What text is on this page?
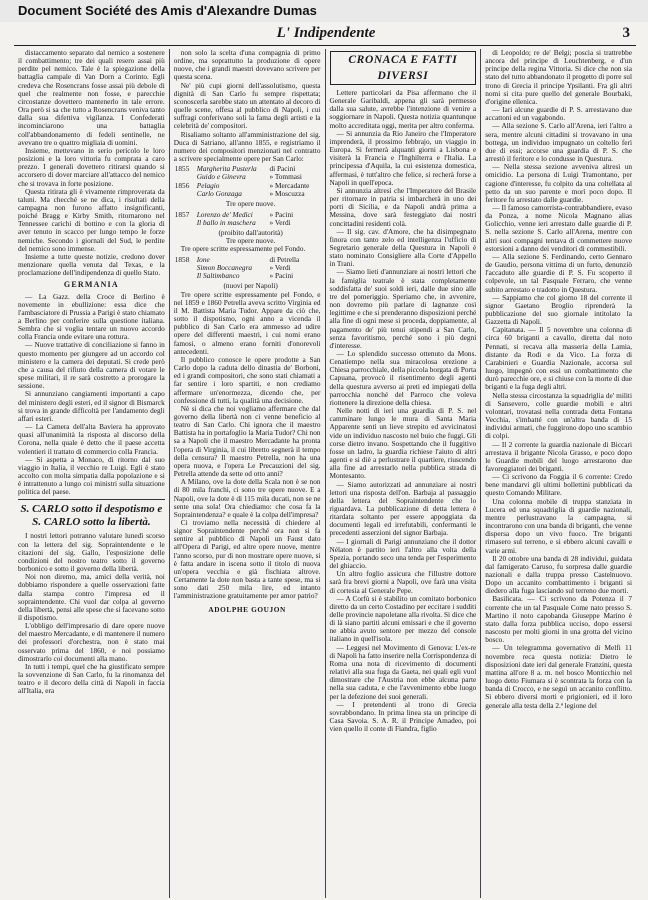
Document Société des Amis d'Alexandre Dumas
L' Indipendente	3

distaccamento separato dal nemico a sostenere il combattimento; tre dei quali resero assai più perdite pel nemico. Tale è la spiegazione della battaglia campale di Van Dorn a Corinto. Egli credeva che Rosencrans fosse assai più debole di quel che realmente non fosse, e parecchie circostanze dovettero mantenerlo in tale errore. Ora però si sa che tutto a Rosencrans veniva tanto dalla sua difettiva vigilanza. I Confederati incominciarono una battaglia coll'abbandonamento di fedeli sentinelle, ne avevano tre o quattro migliaia di uomini.

Insieme, mettevano in serio pericolo le loro posizioni e la loro vittoria fu comprata a caro prezzo. I generali dovettero ritirarsi quando si accorsero di dover marciare all'attacco del nemico che si trovava in forte posizione.

Questa ritirata gli è vivamente rimproverata da taluni. Ma checché se ne dica, i risultati della campagna non furono affatto insignificanti, poiché Bragg e Kirby Smith, ritornarono nel Tennessee carichi di bottino e con la gloria di aver tenuto in scacco per lungo tempo le forze nemiche. Secondo i giornali del Sud, le perdite del nemico sono immense.

Insieme a tutte queste notizie, credono dover menzionare quella venuta dal Texas, e la proclamazione dell'indipendenza di quello Stato.

GERMANIA

— La Gazz. della Croce di Berlino è novemente in ebullizione: essa dice che l'ambasciatore di Prussia a Parigi è stato chiamato a Berlino per conferire sulla questione italiana. Sembra che si voglia tentare un nuovo accordo colla Francia onde evitare una rottura.

— Nuove trattative di conciliazione si fanno in questo momento per giungere ad un accordo col ministero e la camera dei deputati. Si crede però che a causa del rifiuto della camera di votare le spese militari, il re sarà costretto a prorogare la sessione.

Si annunziano cangiamenti importanti a capo del ministero degli esteri, ed il signor di Bismarck si trova in grande difficoltà per l'andamento degli affari esteri.

— La Camera dell'alta Baviera ha approvato quasi all'unanimità la risposta al discorso della Corona, nella quale è detto che il paese accetta volentieri il trattato di commercio colla Francia.

— Si aspetta a Monaco, di ritorno dal suo viaggio in Italia, il vecchio re Luigi. Egli è stato accolto con molta simpatia dalla popolazione e si è intrattenuto a lungo coi ministri sulla situazione politica del paese.

S. CARLO sotto il despotismo e S. CARLO sotto la libertà.

I nostri lettori potranno valutare lunedì scorso con la lettera del sig. Sopraintendente e le citazioni del sig. Gallo, l'esposizione delle condizioni del nostro teatro sotto il governo borbonico e sotto il governo della libertà.

Noi non diremo, ma, amici della verità, noi dobbiamo rispondere a quelle osservazioni fatte dalla stampa contro l'impresa ed il sopraintendente. Chi vuol dar colpa al governo della libertà, pensi alle spese che si facevano sotto il dispotismo.

L'obbligo dell'impresario di dare opere nuove del maestro Mercadante, e di mantenere il numero dei professori d'orchestra, non è stato mai osservato prima del 1860, e noi possiamo dimostrarlo coi documenti alla mano.

In tutti i tempi, quel che ha giustificato sempre la sovvenzione di San Carlo, fu la rinomanza del teatro e il decoro della città di Napoli in faccia all'Italia, era

non solo la scelta d'una compagnia di primo ordine, ma soprattutto la produzione di opere nuove, che i grandi maestri dovevano scrivere per questa scena.

Ne' più cupi giorni dell'assolutismo, questa dignità di San Carlo fu sempre rispettata; sconoscerla sarebbe stato un attentato al decoro di quelle scene, offesa al pubblico di Napoli, i cui suffragi conferivano soli la fama degli artisti e la celebrità de' compositori.

Risaliamo soltanto all'amministrazione del sig. Duca di Satriano, all'anno 1855, e registriamo il numero dei compositori menzionati nel contratto a scrivere specialmente opere per San Carlo:

1855	Margherita Pusterla	di Pacini
	Guido e Ginevra	» Tommasi
1856	Pelagio	» Mercadante
	Carlo Gonzaga	» Moscuzza

Tre opere nuove.

1857	Lorenzo de' Medici	» Pacini
	Il ballo in maschera	» Verdi

(proibito dall'autorità)

Tre opere nuove.

Tre opere scritte espressamente pel Fondo.

1858	Ione	di Petrella
	Simon Boccanegra	» Verdi
	Il Saltimbanco	» Pacini

(nuovi per Napoli)

Tre opere scritte espressamente pel Fondo, e nel 1859 e 1860 Petrella aveva scritto Virginia ed il M. Battista Maria Tudor. Appare da ciò che, sotto il dispotismo, ogni anno a vicenda il pubblico di San Carlo era ammesso ad udire opere del differenti maestri, i cui nomi erano famosi, o almeno erano forniti d'onorevoli antecedenti.

Il pubblico conosce le opere prodotte a San Carlo dopo la caduta dello dinastia de' Borboni, ed i grandi compositori, che sono stati chiamati a far sentire i loro spartiti, e non crediamo affermare un'enormezza, dicendo che, per confessione di tutti, la qualità una decisione.

Nè si dica che noi vogliamo affermare che dal governo della libertà non ci venne beneficio al teatro di San Carlo. Chi ignora che il maestro Battista ha in portafoglio la Maria Tudor? Chi non sa a Napoli che il maestro Mercadante ha pronta l'opera di Virginia, il cui libretto segnerà il tempo della censura? Il maestro Petrella, non ha una opera nuova, e l'opera Le Precauzioni del sig. Petrella attende da sette od otto anni?

A Milano, ove la dote della Scala non è se non di 80 mila franchi, ci sono tre opere nuove. E a Napoli, ove la dote è di 115 mila ducati, non se ne sente una sola! Ora chiediamo: che cosa fa la Sopraintendenza? e quale è la colpa dell'impresa?

Ci troviamo nella necessità di chiedere al signor Sopraintendente perché ora non si fa sentire al pubblico di Napoli un Faust dato all'Opera di Parigi, ed altre opere nuove, mentre l'anno scorso, pur di non mostrare opere nuove, si è fatta andare in iscena sotto il titolo di nuova un'opera vecchia e già fischiata altrove. Certamente la dote non basta a tante spese, ma si sono dati 250 mila lire, ed intanto l'amministrazione gratuitamente per amor patrio?

ADOLPHE GOUJON
CRONACA E FATTI DIVERSI

Lettere particolari da Pisa affermano che il Generale Garibaldi, appena gli sarà permesso dalla sua salute, avrebbe l'intenzione di venire a soggiornare in Napoli. Questa notizia quantunque molto accreditata oggi, merita per altro conferma.

— Si annunzia da Rio Janeiro che l'Imperatore imprenderà, il prossimo febbrajo, un viaggio in Europa. Si fermerà alquanti giorni a Lisbona e visiterà la Francia e l'Inghilterra e l'Italia. La principessa d'Aquila, la cui esistenza domestica, affermasi, è tutt'altro che felice, si recherà forse a Napoli in quell'epoca.

Si annunzia altresì che l'Imperatore del Brasile per ritornare in patria si imbarcherà in uno dei porti di Sicilia, e da Napoli andrà prima a Messina, dove sarà festeggiato dai nostri concittadini residenti colà.

— Il sig. cav. d'Amore, che ha disimpegnato finora con tanto zelo ed intelligenza l'ufficio di Segretario generale della Questura in Napoli è stato nominato Consigliere alla Corte d'Appello in Trani.

— Siamo lieti d'annunziare ai nostri lettori che la famiglia teatrale è stata completamente soddisfatta de' suoi soldi ieri, dalle due sino alle tre del pomeriggio. Speriamo che, in avvenire, non dovremo più parlare di lagnanze così legittime e che si prenderanno disposizioni perché alla fine di ogni mese si proceda, doppiamente, al pagamento de' più tenui stipendi a San Carlo, senza favoritismo, perché sono i più degni d'interesse.

— Lo splendido successo ottenuto da Mons. Cenatiempo nella sua miracolosa erezione a Chiesa parrocchiale, della piccola borgata di Porta Capuana, provocò il risentimento degli agenti della questura avverso ai preti ed impiegati della parrocchia nonché del Parroco che voleva riottenere la direzione della chiesa.

Nelle notti di ieri una guardia di P. S. nel camminare lungo le mura di Santa Maria Apparente sentì un lieve strepito ed avvicinatosi vide un individuo nascosto nel buio che fuggì. Gli corse dietro invano. Sospettando che il fuggitivo fosse un ladro, la guardia richiese l'aiuto di altri agenti e si diè a perlustrare il quartiere, riuscendo alla fine ad arrestarlo nella pubblica strada di Montesanto.

— Siamo autorizzati ad annunziare ai nostri lettori una risposta dell'on. Barbaja al passaggio della lettera del Sopraintendente che lo riguardava. La pubblicazione di detta lettera è ritardata soltanto per essere appoggiata da documenti legali ed irrefutabili, confermanti le precedenti asserzioni del signor Barbaja.

— I giornali di Parigi annunziano che il dottor Nélaton è partito ieri l'altro alla volta della Spezia, portando seco una tenda per l'esperimento del ghiaccio.

Un altro foglio assicura che l'illustre dottore sarà fra brevi giorni a Napoli, ove farà una visita di cortesia al Generale Pepe.

— A Corfù si è stabilito un comitato borbonico diretto da un certo Costadino per eccitare i sudditi delle provincie napoletane alla rivolta. Si dice che di là siano partiti alcuni emissari e che il governo ne abbia avuto sentore per mezzo del console italiano in quell'isola.

— Leggesi nel Movimento di Genova: L'ex-re di Napoli ha fatto inserire nella Corrispondenza di Roma una nota di ricevimento di documenti relativi alla sua fuga da Gaeta, nei quali egli vuol dimostrare che l'Austria non ebbe alcuna parte nella sua caduta, e che l'avvenimento ebbe luogo per la defezione dei suoi generali.

— I pretendenti al trono di Grecia sovrabbondano. In prima linea sta un principe di Casa Savoia. S. A. R. il Principe Amadeo, poi vien quello il conte di Fiandra, figlio

di Leopoldo; re de' Belgi; poscia si trattrebbe ancora del principe di Leuchtenberg, e d'un principe della regina Vittoria. Si dice che non sia stato del tutto abbandonato il progetto di porre sul trono di Grecia il principe Ypsilanti. Fra gli altri nomi si cita pure quello del generale Bourbaki, d'origine ellenica.

— Iari alcune guardie di P. S. arrestavano due accattoni ed un vagabondo.

— Alla sezione S. Carlo all'Arena, ieri l'altro a sera, mentre alcuni cittadini si trovavano in una bottega, un individuo impugnato un coltello ferì due di essi; accorse una guardia di P. S. che arrestò il feritore e lo condusse in Questura.

— Nella stessa sezione avveniva altresì un omicidio. La persona di Luigi Tramontano, per cagione d'interesse, fu colpito da una coltellata al petto da un suo parente e morì poco dopo. Il feritore fu arrestato dalle guardie.

— Il famoso camorrista-contrabbandiere, evaso da Ponza, a nome Nicola Magnano alias Golicchio, venne ieri arrestato dalle guardie di P. S. nella sezione S. Carlo all'Arena, mentre con altri suoi compagni tentava di commettere nuove estorsioni a danno dei venditori di commestibili.

— Alla sezione S. Ferdinando, certo Gennaro de Gaudio, persona vittima di un furto, denunziò l'accaduto alle guardie di P. S. Fu scoperto il colpevole, un tal Pasquale Ferraro, che venne subito arrestato e tradotto in Questura.

— Sappiamo che col giorno 18 del corrente il signor Gaetano Broglio riprenderà la pubblicazione del suo giornale intitolato la Gazzetta di Napoli.

Capitanata. — Il 5 novembre una colonna di circa 60 briganti a cavallo, diretta dal noto Pennati, si recava alla masseria della Lamia, distante da Rodi e da Vico. La forza di Carabinieri e Guardia Nazionale, accorsa sul luogo, impegnò con essi un combattimento che durò parecchie ore, e si chiuse con la morte di due briganti e la fuga degli altri.

Nella stessa circostanza la squadriglia de' militi di Sansevero, colle guardie mobili e altri volontari, trovatasi nella contrada detta Fontana Vecchia, s'imbatté con un'altra banda di 15 individui armati, che fuggirono dopo uno scambio di colpi.

— Il 2 corrente la guardia nazionale di Biccari arrestava il brigante Nicola Grasso, e poco dopo le Guardie mobili del luogo arrestarono due favoreggiatori dei briganti.

— Ci scrivono da Foggia il 6 corrente: Credo bene mandarvi gli ultimi bollettini pubblicati da questo Comando Militare.

Una colonna mobile di truppa stanziata in Lucera ed una squadriglia di guardie nazionali, mentre perlustravano la campagna, si incontrarono con una banda di briganti, che venne dispersa dopo un vivo fuoco. Tre briganti rimasero sul terreno, e si ebbero alcuni cavalli e varie armi.

Il 20 ottobre una banda di 28 individui, guidata dal famigerato Caruso, fu sorpresa dalle guardie nazionali e dalla truppa presso Castelnuovo. Dopo un accanito combattimento i briganti si diedero alla fuga lasciando sul terreno due morti.

Basilicata. — Ci scrivono da Potenza il 7 corrente che un tal Pasquale Come nato presso S. Martino il noto capobanda Giuseppe Marino è stato dalla forza pubblica ucciso, dopo essersi nascosto per molti giorni in una grotta del vicino bosco.

— Un telegramma governativo di Melfi 11 novembre reca questa notizia: Dietro le disposizioni date ieri dal generale Franzini, questa mattina all'ore 8 a. m. nel bosco Monticchio nel luogo detto Fiumara si è scontrata la forza con la banda di Crocco, e ne seguì un accanito conflitto. Si ebbero diversi morti e prigionieri, ed il loro generale alla testa della 2.ª legione del
